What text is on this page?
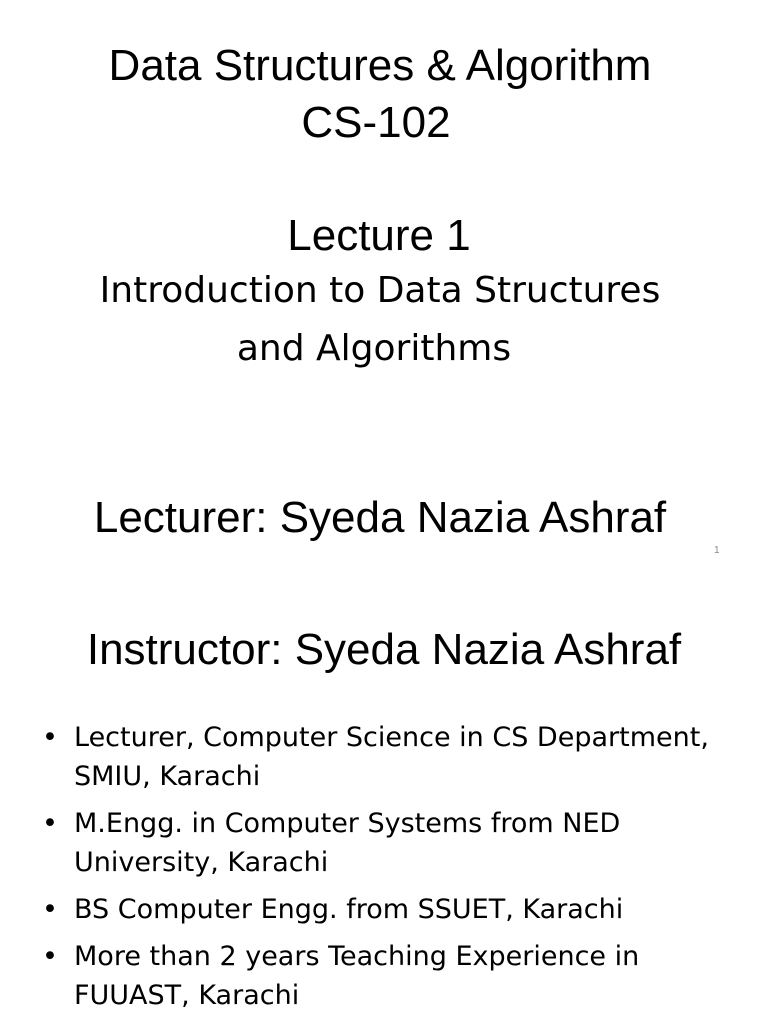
Data Structures & Algorithm
CS-102
Lecture 1
Introduction to Data Structures
and Algorithms
Lecturer: Syeda Nazia Ashraf
1
Instructor: Syeda Nazia Ashraf
• Lecturer, Computer Science in CS Department, SMIU, Karachi
• M.Engg. in Computer Systems from NED University, Karachi
• BS Computer Engg. from SSUET, Karachi
• More than 2 years Teaching Experience in FUUAST, Karachi
